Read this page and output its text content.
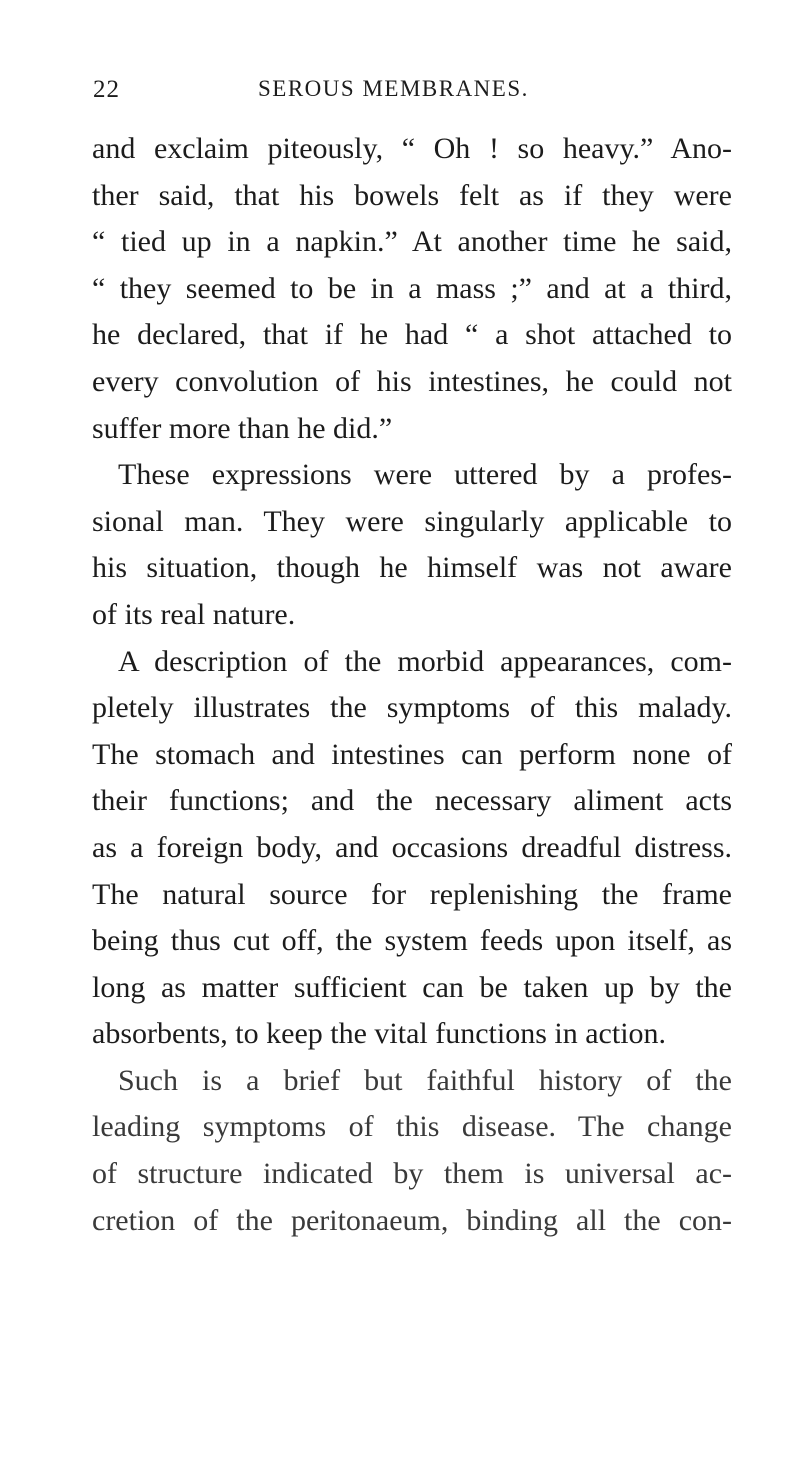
22	SEROUS MEMBRANES.
and exclaim piteously, “ Oh ! so heavy.” Ano-
ther said, that his bowels felt as if they were
“ tied up in a napkin.” At another time he said,
“ they seemed to be in a mass ;” and at a third,
he declared, that if he had “ a shot attached to
every convolution of his intestines, he could not
suffer more than he did.”
These expressions were uttered by a profes-
sional man. They were singularly applicable to
his situation, though he himself was not aware
of its real nature.
A description of the morbid appearances, com-
pletely illustrates the symptoms of this malady.
The stomach and intestines can perform none of
their functions; and the necessary aliment acts
as a foreign body, and occasions dreadful distress.
The natural source for replenishing the frame
being thus cut off, the system feeds upon itself, as
long as matter sufficient can be taken up by the
absorbents, to keep the vital functions in action.
Such is a brief but faithful history of the
leading symptoms of this disease. The change
of structure indicated by them is universal ac-
cretion of the peritonaeum, binding all the con-
